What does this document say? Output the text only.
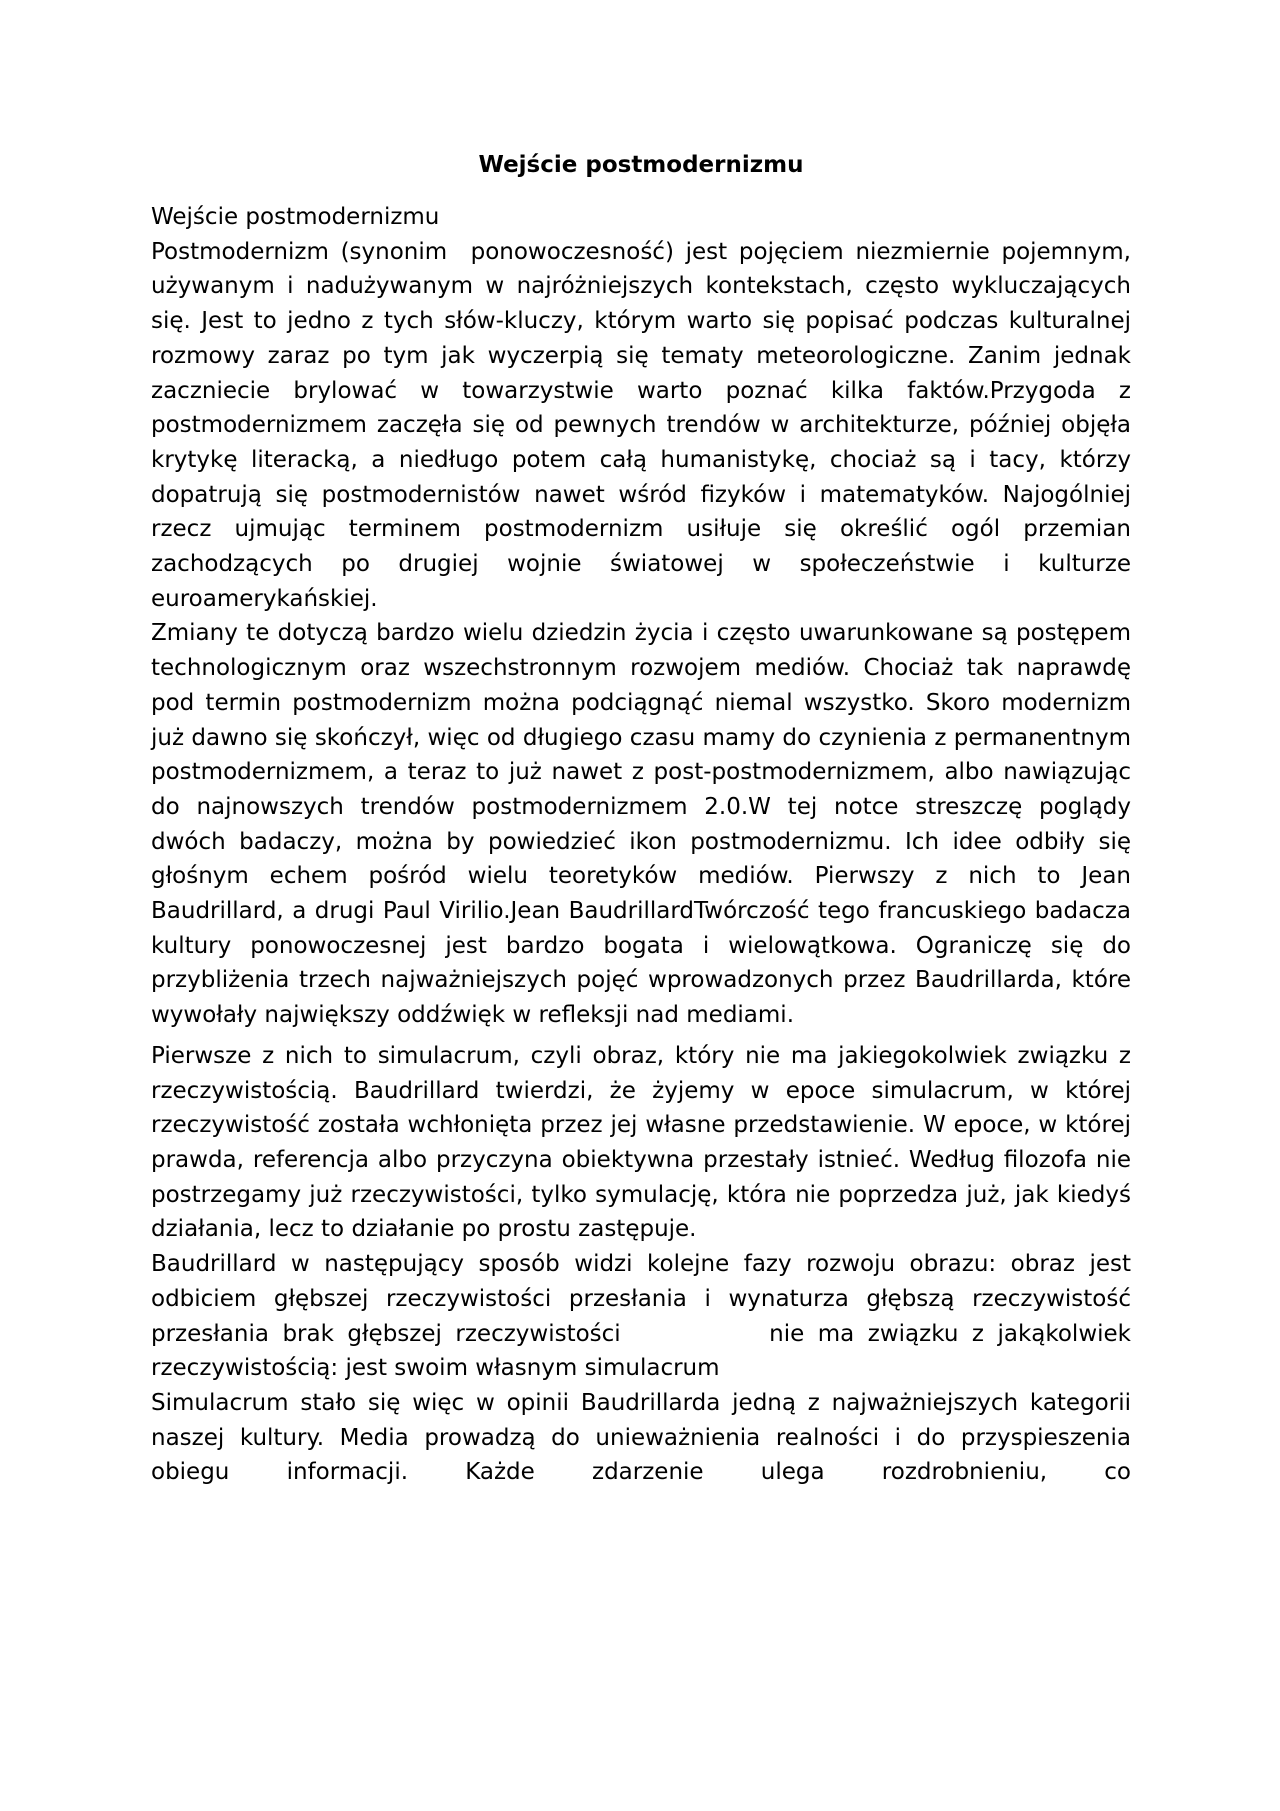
Wejście postmodernizmu

Wejście postmodernizmu

Postmodernizm (synonim  ponowoczesność) jest pojęciem niezmiernie pojemnym, używanym i nadużywanym w najróżniejszych kontekstach, często wykluczających się. Jest to jedno z tych słów-kluczy, którym warto się popisać podczas kulturalnej rozmowy zaraz po tym jak wyczerpią się tematy meteorologiczne. Zanim jednak zaczniecie brylować w towarzystwie warto poznać kilka faktów.Przygoda z postmodernizmem zaczęła się od pewnych trendów w architekturze, później objęła krytykę literacką, a niedługo potem całą humanistykę, chociaż są i tacy, którzy dopatrują się postmodernistów nawet wśród fizyków i matematyków. Najogólniej rzecz ujmując terminem postmodernizm usiłuje się określić ogól przemian zachodzących po drugiej wojnie światowej w społeczeństwie i kulturze euroamerykańskiej.

Zmiany te dotyczą bardzo wielu dziedzin życia i często uwarunkowane są postępem technologicznym oraz wszechstronnym rozwojem mediów. Chociaż tak naprawdę pod termin postmodernizm można podciągnąć niemal wszystko. Skoro modernizm już dawno się skończył, więc od długiego czasu mamy do czynienia z permanentnym postmodernizmem, a teraz to już nawet z post-postmodernizmem, albo nawiązując do najnowszych trendów postmodernizmem 2.0.W tej notce streszczę poglądy dwóch badaczy, można by powiedzieć ikon postmodernizmu. Ich idee odbiły się głośnym echem pośród wielu teoretyków mediów. Pierwszy z nich to Jean Baudrillard, a drugi Paul Virilio.Jean BaudrillardTwórczość tego francuskiego badacza kultury ponowoczesnej jest bardzo bogata i wielowątkowa. Ograniczę się do przybliżenia trzech najważniejszych pojęć wprowadzonych przez Baudrillarda, które wywołały największy oddźwięk w refleksji nad mediami.

Pierwsze z nich to simulacrum, czyli obraz, który nie ma jakiegokolwiek związku z rzeczywistością. Baudrillard twierdzi, że żyjemy w epoce simulacrum, w której rzeczywistość została wchłonięta przez jej własne przedstawienie. W epoce, w której prawda, referencja albo przyczyna obiektywna przestały istnieć. Według filozofa nie postrzegamy już rzeczywistości, tylko symulację, która nie poprzedza już, jak kiedyś działania, lecz to działanie po prostu zastępuje.

Baudrillard w następujący sposób widzi kolejne fazy rozwoju obrazu: obraz jest odbiciem głębszej rzeczywistości przesłania i wynaturza głębszą rzeczywistość przesłania brak głębszej rzeczywistości           nie ma związku z jakąkolwiek rzeczywistością: jest swoim własnym simulacrum

Simulacrum stało się więc w opinii Baudrillarda jedną z najważniejszych kategorii naszej kultury. Media prowadzą do unieważnienia realności i do przyspieszenia obiegu informacji. Każde zdarzenie ulega rozdrobnieniu, co
